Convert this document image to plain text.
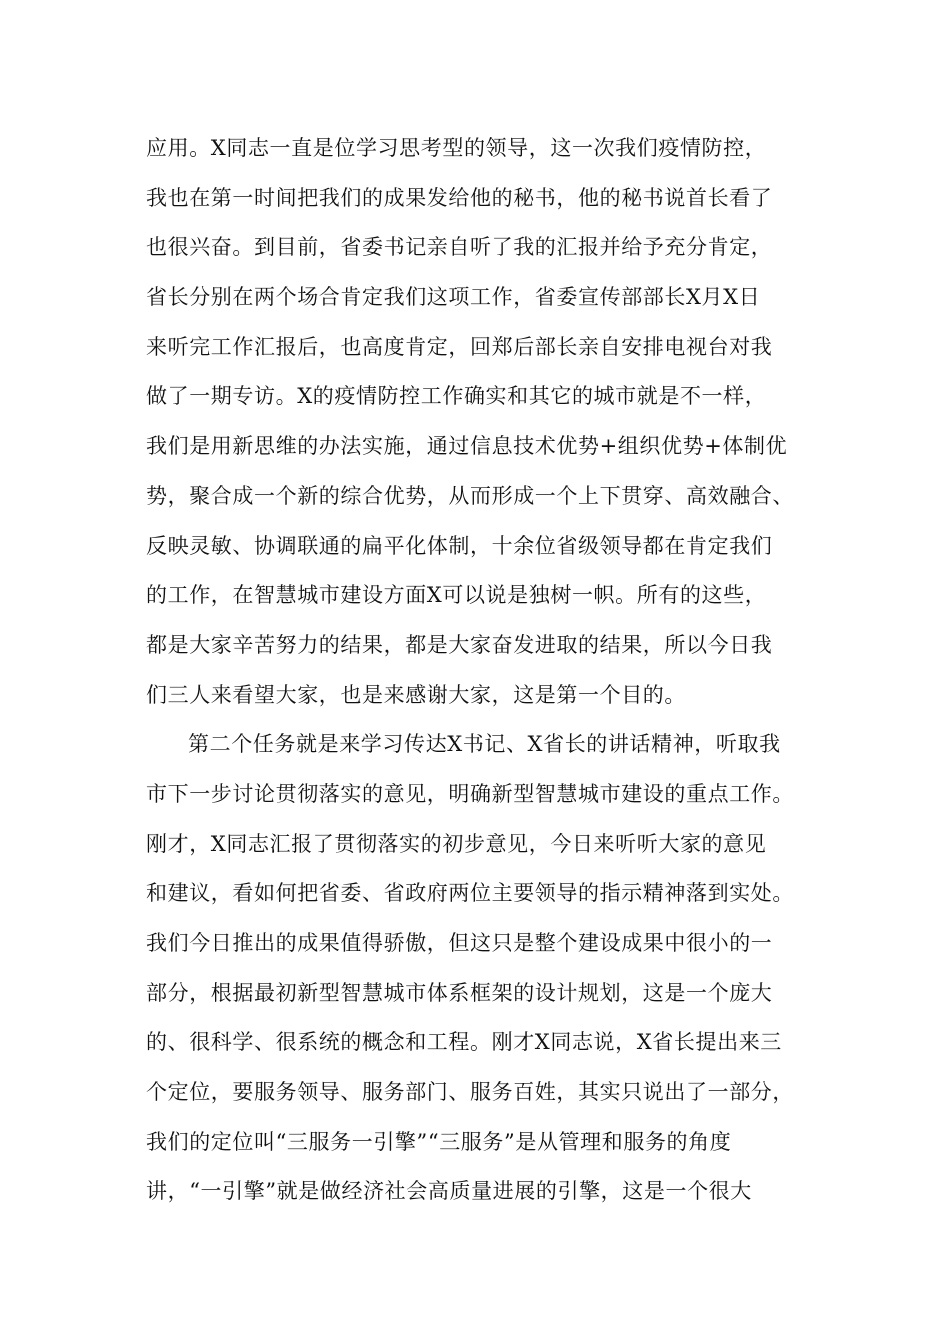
应用。X同志一直是位学习思考型的领导，这一次我们疫情防控，
我也在第一时间把我们的成果发给他的秘书，他的秘书说首长看了
也很兴奋。到目前，省委书记亲自听了我的汇报并给予充分肯定，
省长分别在两个场合肯定我们这项工作，省委宣传部部长X月X日
来听完工作汇报后，也高度肯定，回郑后部长亲自安排电视台对我
做了一期专访。X的疫情防控工作确实和其它的城市就是不一样，
我们是用新思维的办法实施，通过信息技术优势+组织优势+体制优
势，聚合成一个新的综合优势，从而形成一个上下贯穿、高效融合、
反映灵敏、协调联通的扁平化体制，十余位省级领导都在肯定我们
的工作，在智慧城市建设方面X可以说是独树一帜。所有的这些，
都是大家辛苦努力的结果，都是大家奋发进取的结果，所以今日我
们三人来看望大家，也是来感谢大家，这是第一个目的。
第二个任务就是来学习传达X书记、X省长的讲话精神，听取我
市下一步讨论贯彻落实的意见，明确新型智慧城市建设的重点工作。
刚才，X同志汇报了贯彻落实的初步意见，今日来听听大家的意见
和建议，看如何把省委、省政府两位主要领导的指示精神落到实处。
我们今日推出的成果值得骄傲，但这只是整个建设成果中很小的一
部分，根据最初新型智慧城市体系框架的设计规划，这是一个庞大
的、很科学、很系统的概念和工程。刚才X同志说，X省长提出来三
个定位，要服务领导、服务部门、服务百姓，其实只说出了一部分，
我们的定位叫“三服务一引擎”“三服务”是从管理和服务的角度
讲，“一引擎”就是做经济社会高质量进展的引擎，这是一个很大
